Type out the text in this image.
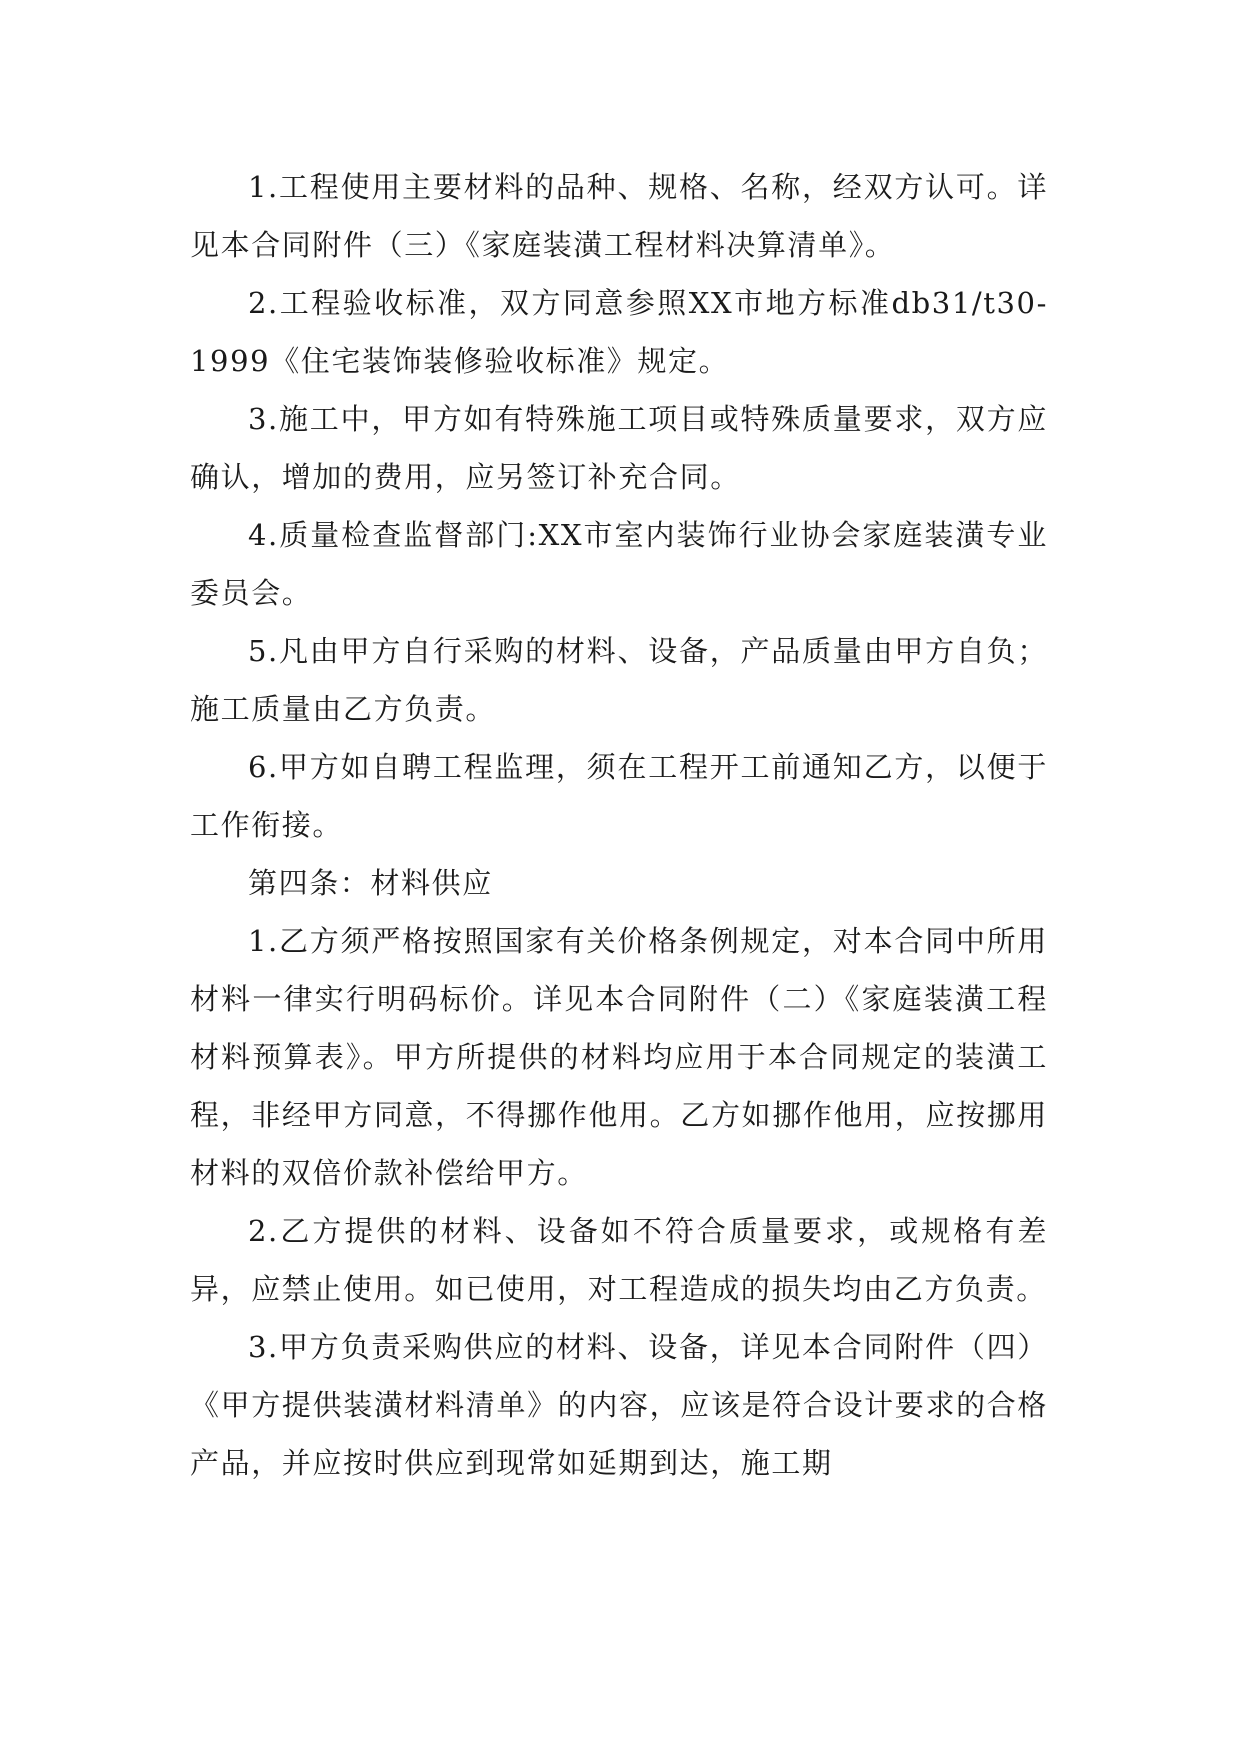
1.工程使用主要材料的品种、规格、名称，经双方认可。详见本合同附件（三）《家庭装潢工程材料决算清单》。

2.工程验收标准，双方同意参照XX市地方标准db31/t30-1999《住宅装饰装修验收标准》规定。

3.施工中，甲方如有特殊施工项目或特殊质量要求，双方应确认，增加的费用，应另签订补充合同。

4.质量检查监督部门:XX市室内装饰行业协会家庭装潢专业委员会。

5.凡由甲方自行采购的材料、设备，产品质量由甲方自负；施工质量由乙方负责。

6.甲方如自聘工程监理，须在工程开工前通知乙方，以便于工作衔接。

第四条：材料供应

1.乙方须严格按照国家有关价格条例规定，对本合同中所用材料一律实行明码标价。详见本合同附件（二）《家庭装潢工程材料预算表》。甲方所提供的材料均应用于本合同规定的装潢工程，非经甲方同意，不得挪作他用。乙方如挪作他用，应按挪用材料的双倍价款补偿给甲方。

2.乙方提供的材料、设备如不符合质量要求，或规格有差异，应禁止使用。如已使用，对工程造成的损失均由乙方负责。

3.甲方负责采购供应的材料、设备，详见本合同附件（四）《甲方提供装潢材料清单》的内容，应该是符合设计要求的合格产品，并应按时供应到现常如延期到达，施工期
